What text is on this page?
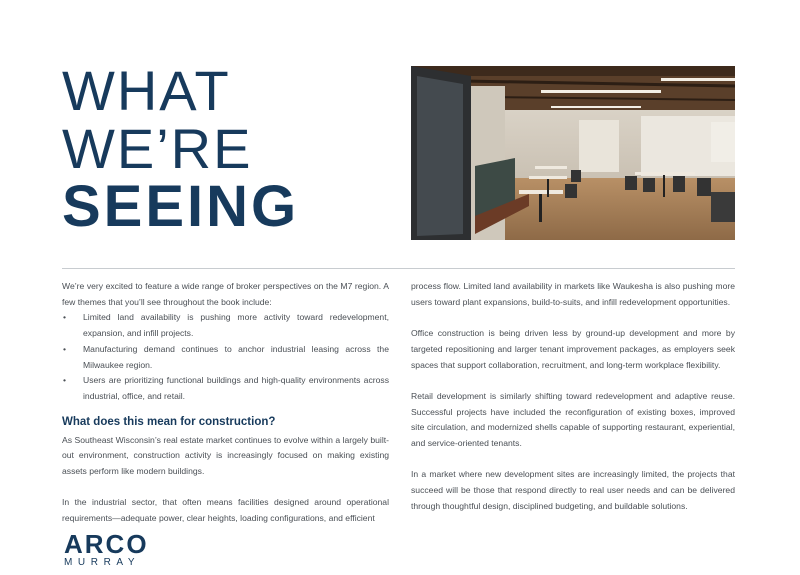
WHAT
WE’RE
SEEING

We’re very excited to feature a wide range of broker perspectives on the M7 region. A few themes that you’ll see throughout the book include:

• Limited land availability is pushing more activity toward redevelopment, expansion, and infill projects.
• Manufacturing demand continues to anchor industrial leasing across the Milwaukee region.
• Users are prioritizing functional buildings and high-quality environments across industrial, office, and retail.

What does this mean for construction?

As Southeast Wisconsin’s real estate market continues to evolve within a largely built-out environment, construction activity is increasingly focused on making existing assets perform like modern buildings.

In the industrial sector, that often means facilities designed around operational requirements—adequate power, clear heights, loading configurations, and efficient

process flow. Limited land availability in markets like Waukesha is also pushing more users toward plant expansions, build-to-suits, and infill redevelopment opportunities.

Office construction is being driven less by ground-up development and more by targeted repositioning and larger tenant improvement packages, as employers seek spaces that support collaboration, recruitment, and long-term workplace flexibility.

Retail development is similarly shifting toward redevelopment and adaptive reuse. Successful projects have included the reconfiguration of existing boxes, improved site circulation, and modernized shells capable of supporting restaurant, experiential, and service-oriented tenants.

In a market where new development sites are increasingly limited, the projects that succeed will be those that respond directly to real user needs and can be delivered through thoughtful design, disciplined budgeting, and buildable solutions.

ARCO
MURRAY
